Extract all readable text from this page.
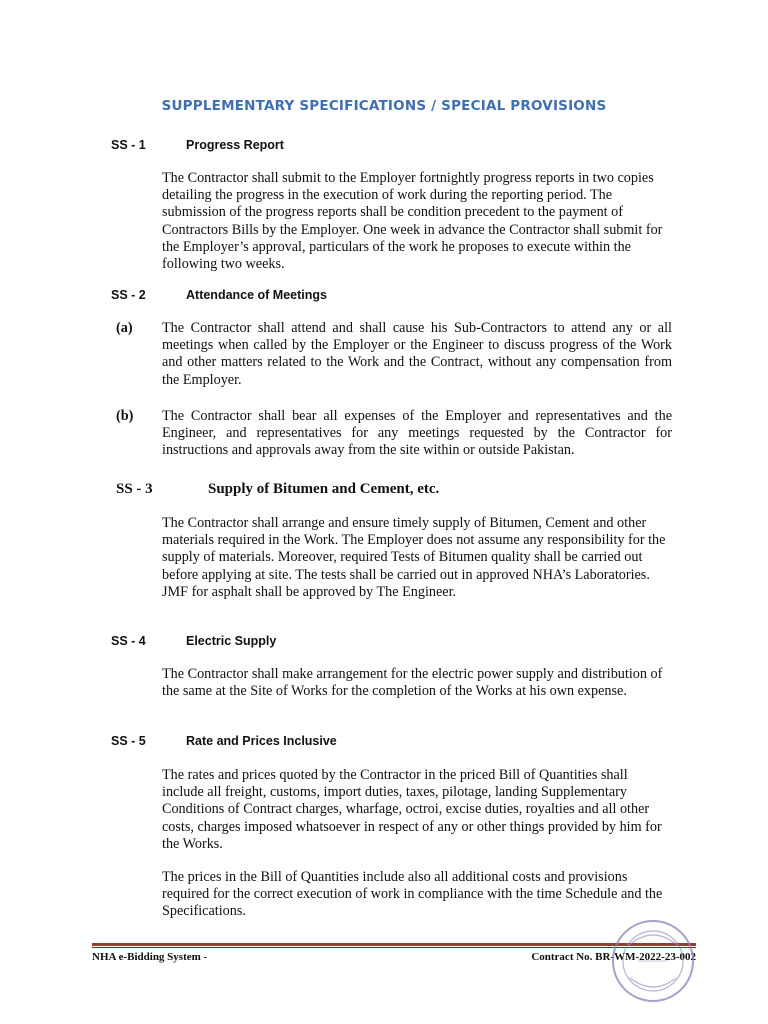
SUPPLEMENTARY SPECIFICATIONS / SPECIAL PROVISIONS
SS - 1	Progress Report

The Contractor shall submit to the Employer fortnightly progress reports in two copies detailing the progress in the execution of work during the reporting period. The submission of the progress reports shall be condition precedent to the payment of Contractors Bills by the Employer. One week in advance the Contractor shall submit for the Employer’s approval, particulars of the work he proposes to execute within the following two weeks.

SS - 2	Attendance of Meetings
(a) The Contractor shall attend and shall cause his Sub-Contractors to attend any or all meetings when called by the Employer or the Engineer to discuss progress of the Work and other matters related to the Work and the Contract, without any compensation from the Employer.

(b) The Contractor shall bear all expenses of the Employer and representatives and the Engineer, and representatives for any meetings requested by the Contractor for instructions and approvals away from the site within or outside Pakistan.

SS - 3	Supply of Bitumen and Cement, etc.

The Contractor shall arrange and ensure timely supply of Bitumen, Cement and other materials required in the Work. The Employer does not assume any responsibility for the supply of materials. Moreover, required Tests of Bitumen quality shall be carried out before applying at site. The tests shall be carried out in approved NHA’s Laboratories. JMF for asphalt shall be approved by The Engineer.

SS - 4	Electric Supply

The Contractor shall make arrangement for the electric power supply and distribution of the same at the Site of Works for the completion of the Works at his own expense.

SS - 5	Rate and Prices Inclusive

The rates and prices quoted by the Contractor in the priced Bill of Quantities shall include all freight, customs, import duties, taxes, pilotage, landing Supplementary Conditions of Contract charges, wharfage, octroi, excise duties, royalties and all other costs, charges imposed whatsoever in respect of any or other things provided by him for the Works.

The prices in the Bill of Quantities include also all additional costs and provisions required for the correct execution of work in compliance with the time Schedule and the Specifications.

NHA e-Bidding System -	Contract No. BR-WM-2022-23-002
